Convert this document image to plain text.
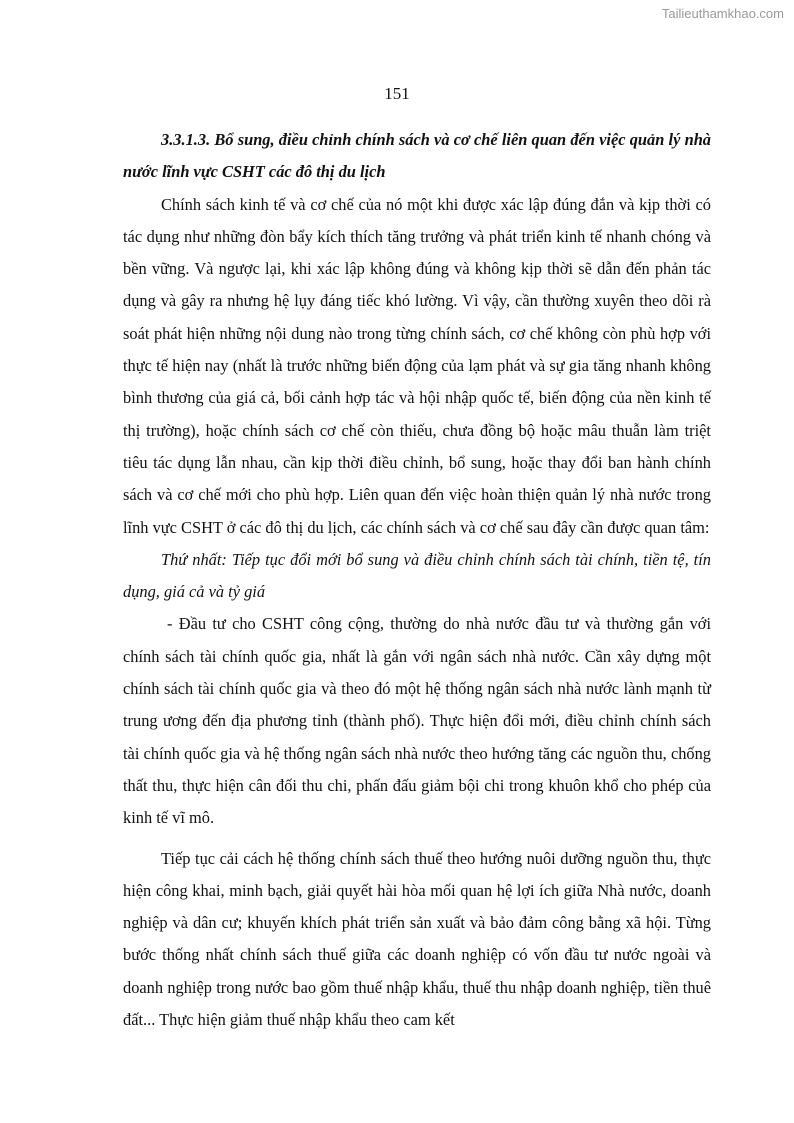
Tailieuthamkhao.com
151

3.3.1.3. Bổ sung, điều chỉnh chính sách và cơ chế liên quan đến việc quản lý nhà nước lĩnh vực CSHT các đô thị du lịch

Chính sách kinh tế và cơ chế của nó một khi được xác lập đúng đắn và kịp thời có tác dụng như những đòn bẩy kích thích tăng trưởng và phát triển kinh tế nhanh chóng và bền vững. Và ngược lại, khi xác lập không đúng và không kịp thời sẽ dẫn đến phản tác dụng và gây ra nhưng hệ lụy đáng tiếc khó lường. Vì vậy, cần thường xuyên theo dõi rà soát phát hiện những nội dung nào trong từng chính sách, cơ chế không còn phù hợp với thực tế hiện nay (nhất là trước những biến động của lạm phát và sự gia tăng nhanh không bình thương của giá cả, bối cảnh hợp tác và hội nhập quốc tế, biến động của nền kinh tế thị trường), hoặc chính sách cơ chế còn thiếu, chưa đồng bộ hoặc mâu thuẫn làm triệt tiêu tác dụng lẫn nhau, cần kịp thời điều chỉnh, bổ sung, hoặc thay đổi ban hành chính sách và cơ chế mới cho phù hợp. Liên quan đến việc hoàn thiện quản lý nhà nước trong lĩnh vực CSHT ở các đô thị du lịch, các chính sách và cơ chế sau đây cần được quan tâm:

Thứ nhất: Tiếp tục đổi mới bổ sung và điều chỉnh chính sách tài chính, tiền tệ, tín dụng, giá cả và tỷ giá

- Đầu tư cho CSHT công cộng, thường do nhà nước đầu tư và thường gắn với chính sách tài chính quốc gia, nhất là gắn với ngân sách nhà nước. Cần xây dựng một chính sách tài chính quốc gia và theo đó một hệ thống ngân sách nhà nước lành mạnh từ trung ương đến địa phương tỉnh (thành phố). Thực hiện đổi mới, điều chỉnh chính sách tài chính quốc gia và hệ thống ngân sách nhà nước theo hướng tăng các nguồn thu, chống thất thu, thực hiện cân đối thu chi, phấn đấu giảm bội chi trong khuôn khổ cho phép của kinh tế vĩ mô.

Tiếp tục cải cách hệ thống chính sách thuế theo hướng nuôi dưỡng nguồn thu, thực hiện công khai, minh bạch, giải quyết hài hòa mối quan hệ lợi ích giữa Nhà nước, doanh nghiệp và dân cư; khuyến khích phát triển sản xuất và bảo đảm công bằng xã hội. Từng bước thống nhất chính sách thuế giữa các doanh nghiệp có vốn đầu tư nước ngoài và doanh nghiệp trong nước bao gồm thuế nhập khẩu, thuế thu nhập doanh nghiệp, tiền thuê đất... Thực hiện giảm thuế nhập khẩu theo cam kết
